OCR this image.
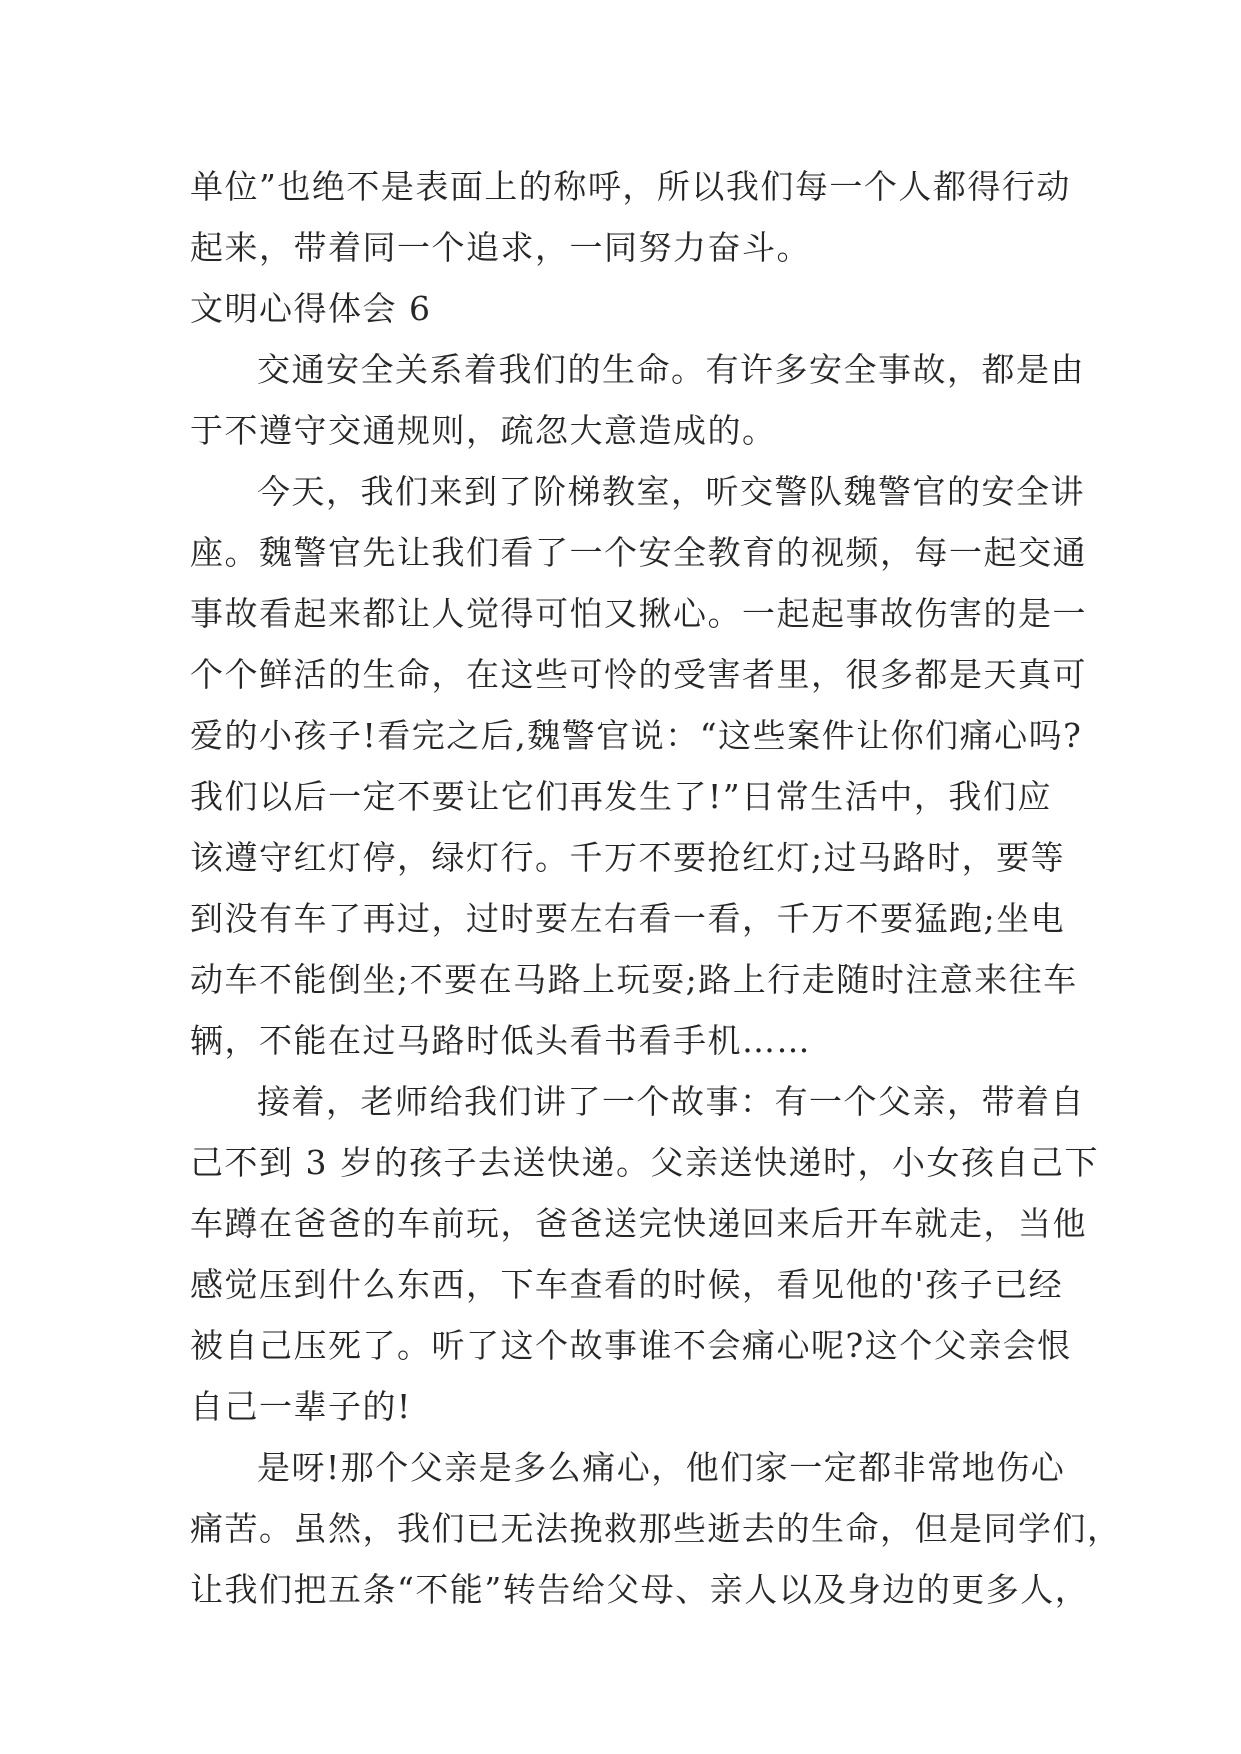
单位”也绝不是表面上的称呼，所以我们每一个人都得行动
起来，带着同一个追求，一同努力奋斗。
文明心得体会 6
交通安全关系着我们的生命。有许多安全事故，都是由
于不遵守交通规则，疏忽大意造成的。
今天，我们来到了阶梯教室，听交警队魏警官的安全讲
座。魏警官先让我们看了一个安全教育的视频，每一起交通
事故看起来都让人觉得可怕又揪心。一起起事故伤害的是一
个个鲜活的生命，在这些可怜的受害者里，很多都是天真可
爱的小孩子!看完之后,魏警官说：“这些案件让你们痛心吗?
我们以后一定不要让它们再发生了!”日常生活中，我们应
该遵守红灯停，绿灯行。千万不要抢红灯;过马路时，要等
到没有车了再过，过时要左右看一看，千万不要猛跑;坐电
动车不能倒坐;不要在马路上玩耍;路上行走随时注意来往车
辆，不能在过马路时低头看书看手机……
接着，老师给我们讲了一个故事：有一个父亲，带着自
己不到 3 岁的孩子去送快递。父亲送快递时，小女孩自己下
车蹲在爸爸的车前玩，爸爸送完快递回来后开车就走，当他
感觉压到什么东西，下车查看的时候，看见他的'孩子已经
被自己压死了。听了这个故事谁不会痛心呢?这个父亲会恨
自己一辈子的!
是呀!那个父亲是多么痛心，他们家一定都非常地伤心
痛苦。虽然，我们已无法挽救那些逝去的生命，但是同学们，
让我们把五条“不能”转告给父母、亲人以及身边的更多人，
